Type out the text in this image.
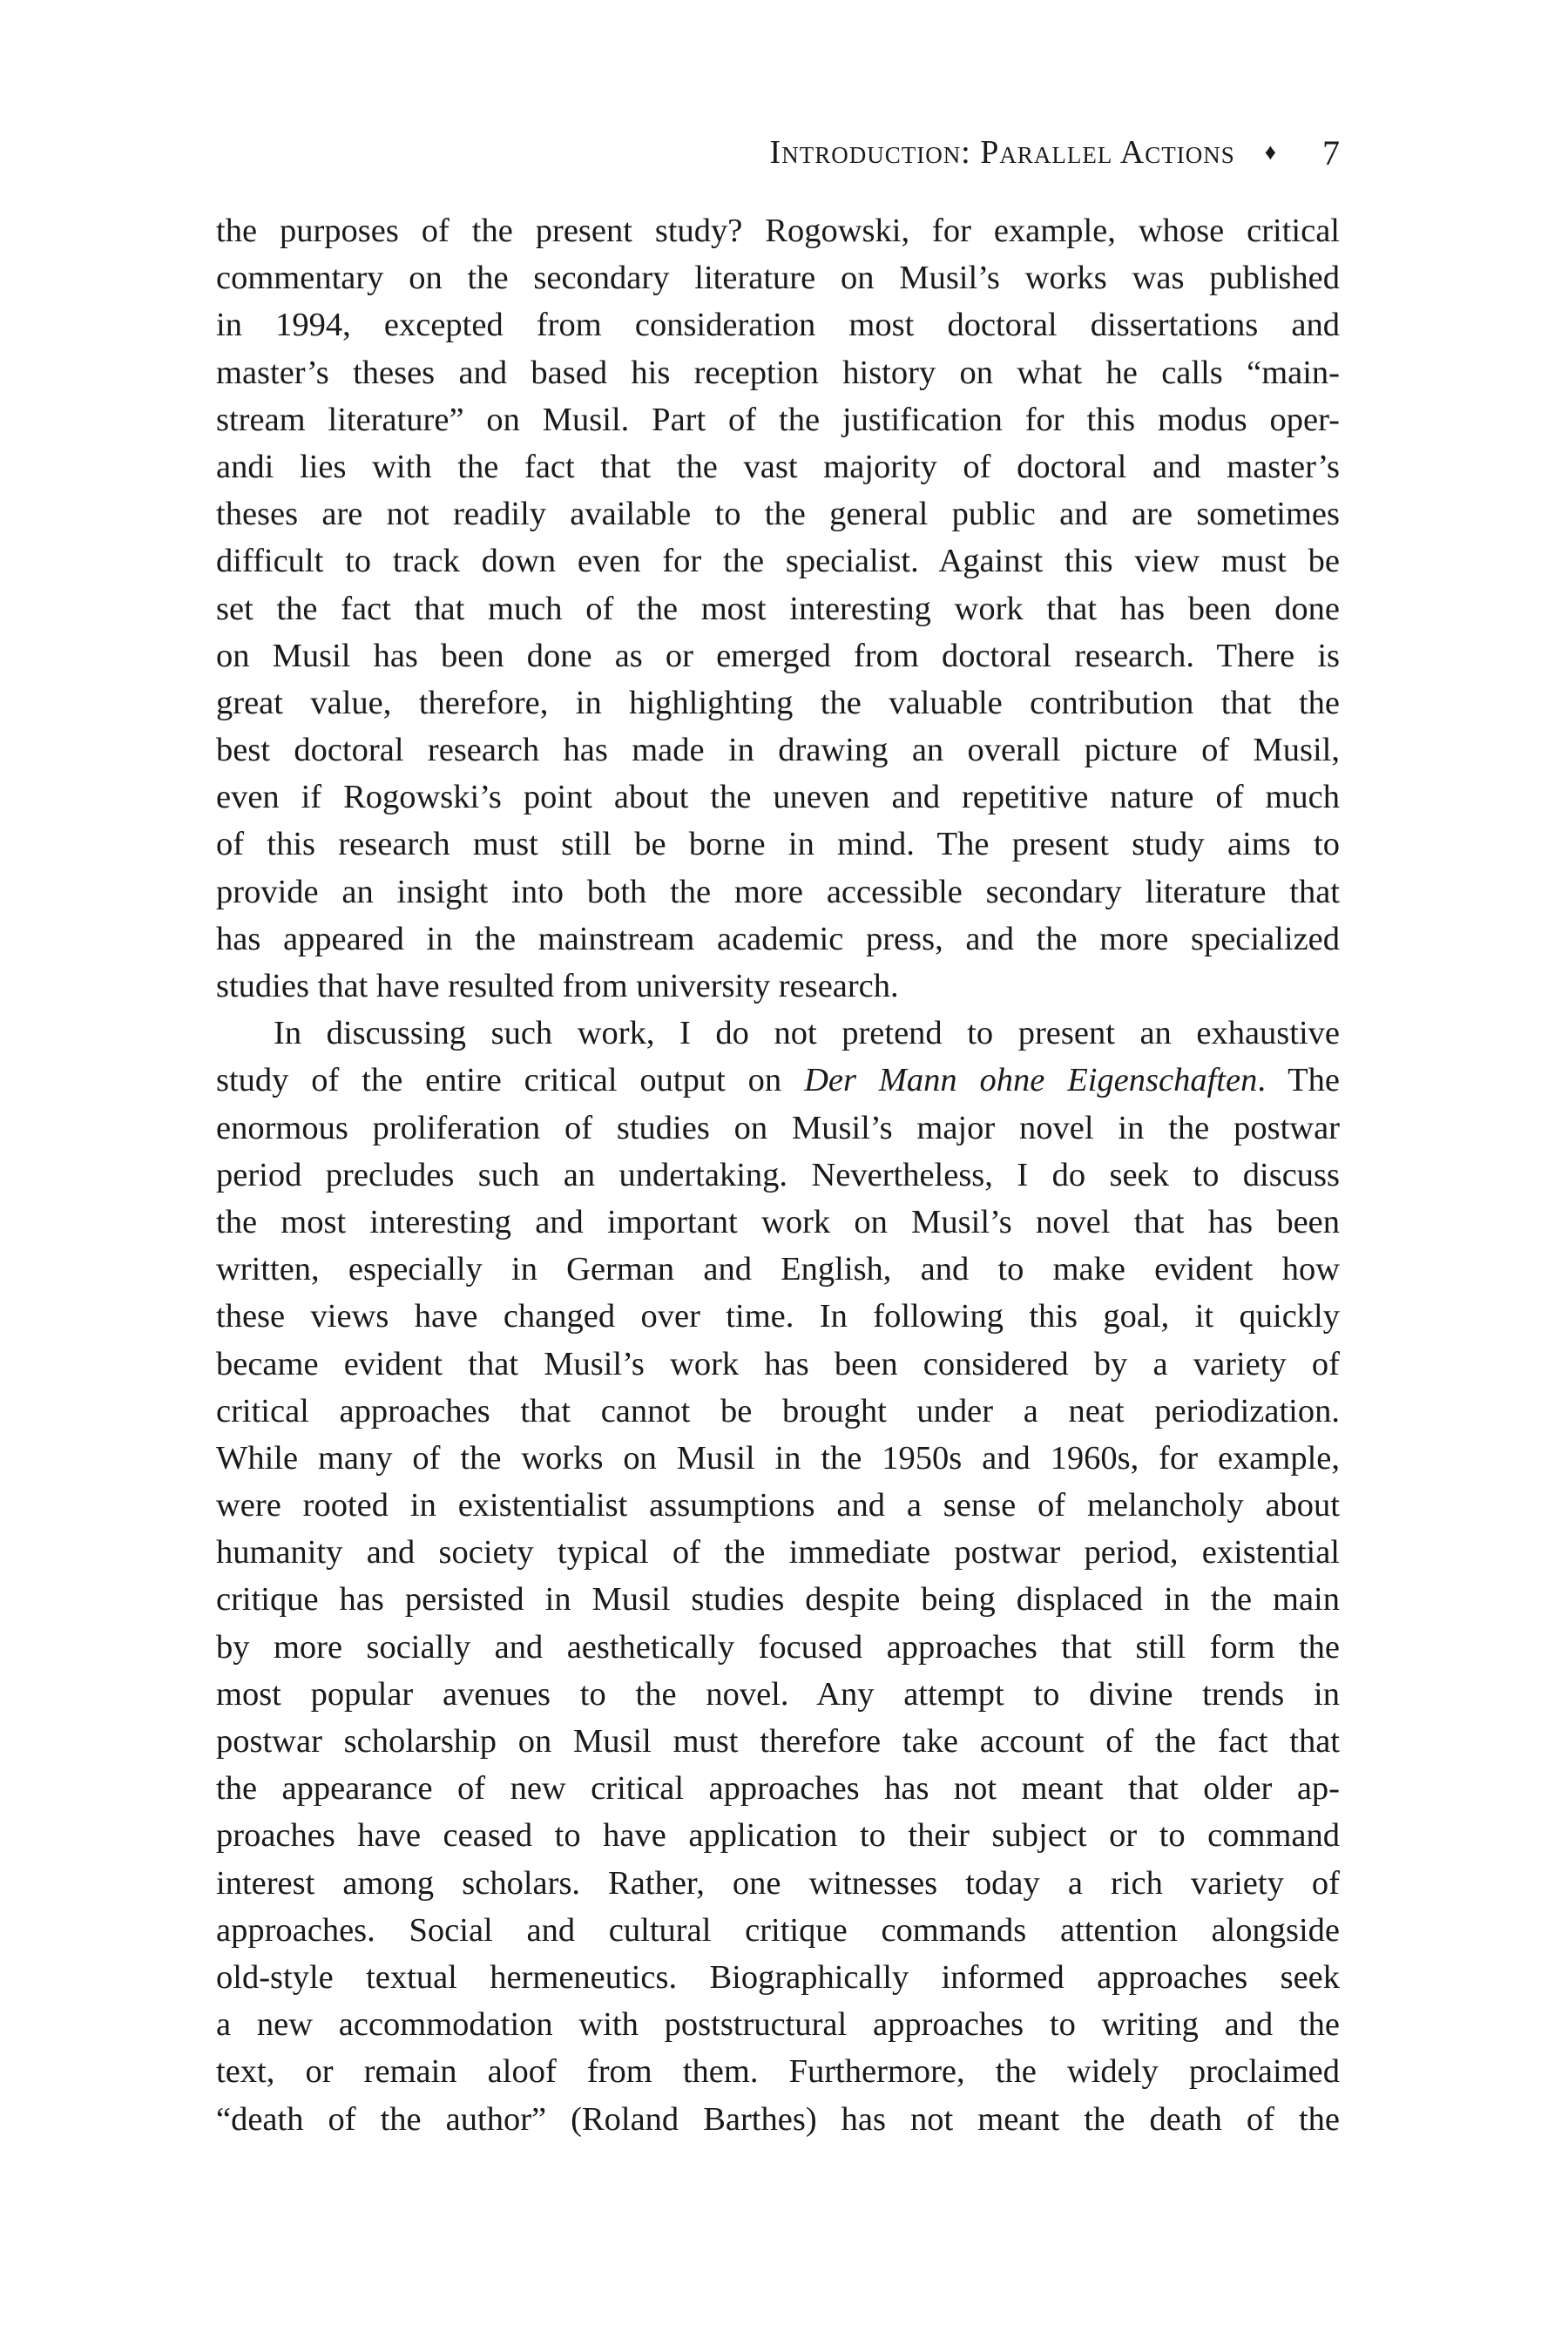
Introduction: Parallel Actions ♦ 7
the purposes of the present study? Rogowski, for example, whose critical
commentary on the secondary literature on Musil’s works was published
in 1994, excepted from consideration most doctoral dissertations and
master’s theses and based his reception history on what he calls “main-
stream literature” on Musil. Part of the justification for this modus oper-
andi lies with the fact that the vast majority of doctoral and master’s
theses are not readily available to the general public and are sometimes
difficult to track down even for the specialist. Against this view must be
set the fact that much of the most interesting work that has been done
on Musil has been done as or emerged from doctoral research. There is
great value, therefore, in highlighting the valuable contribution that the
best doctoral research has made in drawing an overall picture of Musil,
even if Rogowski’s point about the uneven and repetitive nature of much
of this research must still be borne in mind. The present study aims to
provide an insight into both the more accessible secondary literature that
has appeared in the mainstream academic press, and the more specialized
studies that have resulted from university research.
In discussing such work, I do not pretend to present an exhaustive
study of the entire critical output on Der Mann ohne Eigenschaften. The
enormous proliferation of studies on Musil’s major novel in the postwar
period precludes such an undertaking. Nevertheless, I do seek to discuss
the most interesting and important work on Musil’s novel that has been
written, especially in German and English, and to make evident how
these views have changed over time. In following this goal, it quickly
became evident that Musil’s work has been considered by a variety of
critical approaches that cannot be brought under a neat periodization.
While many of the works on Musil in the 1950s and 1960s, for example,
were rooted in existentialist assumptions and a sense of melancholy about
humanity and society typical of the immediate postwar period, existential
critique has persisted in Musil studies despite being displaced in the main
by more socially and aesthetically focused approaches that still form the
most popular avenues to the novel. Any attempt to divine trends in
postwar scholarship on Musil must therefore take account of the fact that
the appearance of new critical approaches has not meant that older ap-
proaches have ceased to have application to their subject or to command
interest among scholars. Rather, one witnesses today a rich variety of
approaches. Social and cultural critique commands attention alongside
old-style textual hermeneutics. Biographically informed approaches seek
a new accommodation with poststructural approaches to writing and the
text, or remain aloof from them. Furthermore, the widely proclaimed
“death of the author” (Roland Barthes) has not meant the death of the
